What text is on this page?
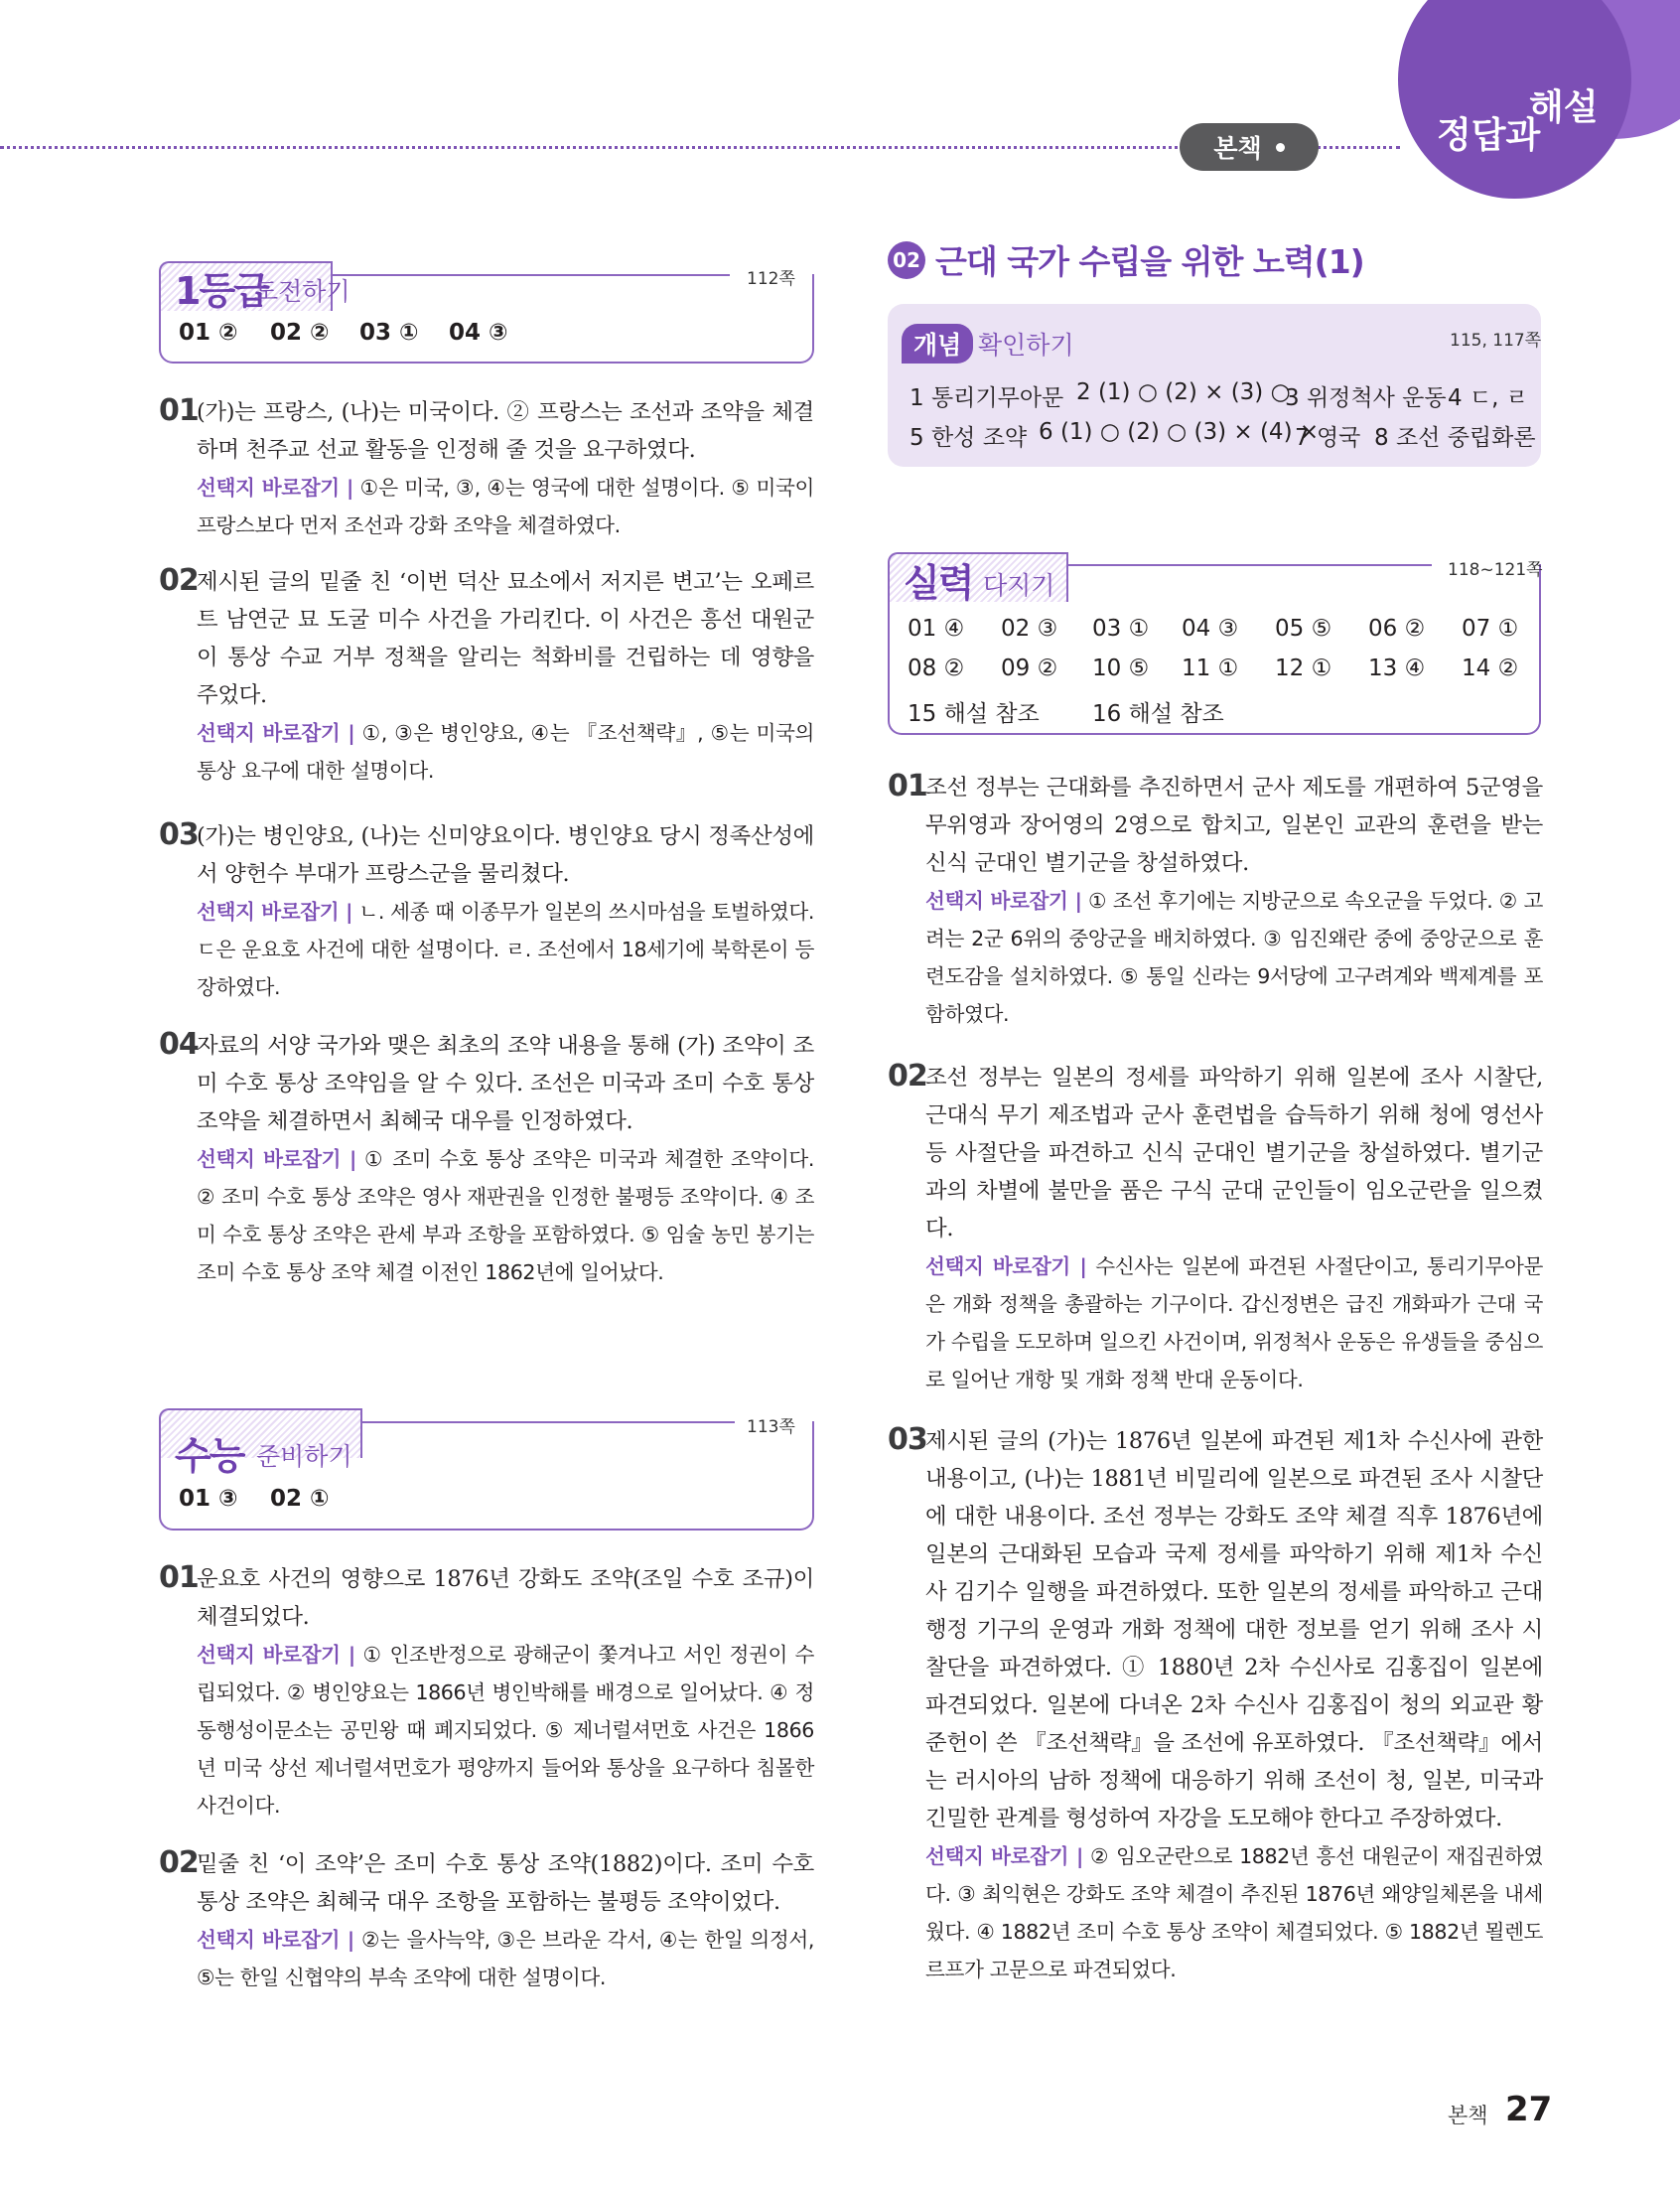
본책
해설
정답과
1등급
도전하기	112쪽
01 ② 02 ② 03 ① 04 ③
01
(가)는 프랑스, (나)는 미국이다. ② 프랑스는 조선과 조약을 체결하며 천주교 선교 활동을 인정해 줄 것을 요구하였다.
선택지 바로잡기 | ①은 미국, ③, ④는 영국에 대한 설명이다. ⑤ 미국이 프랑스보다 먼저 조선과 강화 조약을 체결하였다.
02
제시된 글의 밑줄 친 ‘이번 덕산 묘소에서 저지른 변고’는 오페르트 남연군 묘 도굴 미수 사건을 가리킨다. 이 사건은 흥선 대원군이 통상 수교 거부 정책을 알리는 척화비를 건립하는 데 영향을 주었다.
선택지 바로잡기 | ①, ③은 병인양요, ④는 『조선책략』, ⑤는 미국의 통상 요구에 대한 설명이다.
03
(가)는 병인양요, (나)는 신미양요이다. 병인양요 당시 정족산성에서 양헌수 부대가 프랑스군을 물리쳤다.
선택지 바로잡기 | ㄴ. 세종 때 이종무가 일본의 쓰시마섬을 토벌하였다. ㄷ은 운요호 사건에 대한 설명이다. ㄹ. 조선에서 18세기에 북학론이 등장하였다.
04
자료의 서양 국가와 맺은 최초의 조약 내용을 통해 (가) 조약이 조미 수호 통상 조약임을 알 수 있다. 조선은 미국과 조미 수호 통상 조약을 체결하면서 최혜국 대우를 인정하였다.
선택지 바로잡기 | ① 조미 수호 통상 조약은 미국과 체결한 조약이다. ② 조미 수호 통상 조약은 영사 재판권을 인정한 불평등 조약이다. ④ 조미 수호 통상 조약은 관세 부과 조항을 포함하였다. ⑤ 임술 농민 봉기는 조미 수호 통상 조약 체결 이전인 1862년에 일어났다.
수능 준비하기
113쪽
01 ③ 02 ①
01
운요호 사건의 영향으로 1876년 강화도 조약(조일 수호 조규)이 체결되었다.
선택지 바로잡기 | ① 인조반정으로 광해군이 쫓겨나고 서인 정권이 수립되었다. ② 병인양요는 1866년 병인박해를 배경으로 일어났다. ④ 정동행성이문소는 공민왕 때 폐지되었다. ⑤ 제너럴셔먼호 사건은 1866년 미국 상선 제너럴셔먼호가 평양까지 들어와 통상을 요구하다 침몰한 사건이다.
02
밑줄 친 ‘이 조약’은 조미 수호 통상 조약(1882)이다. 조미 수호 통상 조약은 최혜국 대우 조항을 포함하는 불평등 조약이었다.
선택지 바로잡기 | ②는 을사늑약, ③은 브라운 각서, ④는 한일 의정서, ⑤는 한일 신협약의 부속 조약에 대한 설명이다.
02 근대 국가 수립을 위한 노력(1)
개념 확인하기	115, 117쪽
1 통리기무아문 2 (1) ○ (2) × (3) ○
3 위정척사 운동 4 ㄷ, ㄹ
5 한성 조약 6 (1) ○ (2) ○ (3) × (4) ×
7 영국 8 조선 중립화론
실력 다지기
118~121쪽
01 ④ 02 ③ 03 ① 04 ③ 05 ⑤ 06 ② 07 ①
08 ② 09 ② 10 ⑤ 11 ① 12 ① 13 ④ 14 ②
15 해설 참조 16 해설 참조
01
조선 정부는 근대화를 추진하면서 군사 제도를 개편하여 5군영을 무위영과 장어영의 2영으로 합치고, 일본인 교관의 훈련을 받는 신식 군대인 별기군을 창설하였다.
선택지 바로잡기 | ① 조선 후기에는 지방군으로 속오군을 두었다. ② 고려는 2군 6위의 중앙군을 배치하였다. ③ 임진왜란 중에 중앙군으로 훈련도감을 설치하였다. ⑤ 통일 신라는 9서당에 고구려계와 백제계를 포함하였다.
02
조선 정부는 일본의 정세를 파악하기 위해 일본에 조사 시찰단, 근대식 무기 제조법과 군사 훈련법을 습득하기 위해 청에 영선사 등 사절단을 파견하고 신식 군대인 별기군을 창설하였다. 별기군과의 차별에 불만을 품은 구식 군대 군인들이 임오군란을 일으켰다.
선택지 바로잡기 | 수신사는 일본에 파견된 사절단이고, 통리기무아문은 개화 정책을 총괄하는 기구이다. 갑신정변은 급진 개화파가 근대 국가 수립을 도모하며 일으킨 사건이며, 위정척사 운동은 유생들을 중심으로 일어난 개항 및 개화 정책 반대 운동이다.
03
제시된 글의 (가)는 1876년 일본에 파견된 제1차 수신사에 관한 내용이고, (나)는 1881년 비밀리에 일본으로 파견된 조사 시찰단에 대한 내용이다. 조선 정부는 강화도 조약 체결 직후 1876년에 일본의 근대화된 모습과 국제 정세를 파악하기 위해 제1차 수신사 김기수 일행을 파견하였다. 또한 일본의 정세를 파악하고 근대 행정 기구의 운영과 개화 정책에 대한 정보를 얻기 위해 조사 시찰단을 파견하였다. ① 1880년 2차 수신사로 김홍집이 일본에 파견되었다. 일본에 다녀온 2차 수신사 김홍집이 청의 외교관 황준헌이 쓴 『조선책략』을 조선에 유포하였다. 『조선책략』에서는 러시아의 남하 정책에 대응하기 위해 조선이 청, 일본, 미국과 긴밀한 관계를 형성하여 자강을 도모해야 한다고 주장하였다.
선택지 바로잡기 | ② 임오군란으로 1882년 흥선 대원군이 재집권하였다. ③ 최익현은 강화도 조약 체결이 추진된 1876년 왜양일체론을 내세웠다. ④ 1882년 조미 수호 통상 조약이 체결되었다. ⑤ 1882년 묄렌도르프가 고문으로 파견되었다.
본책 27
